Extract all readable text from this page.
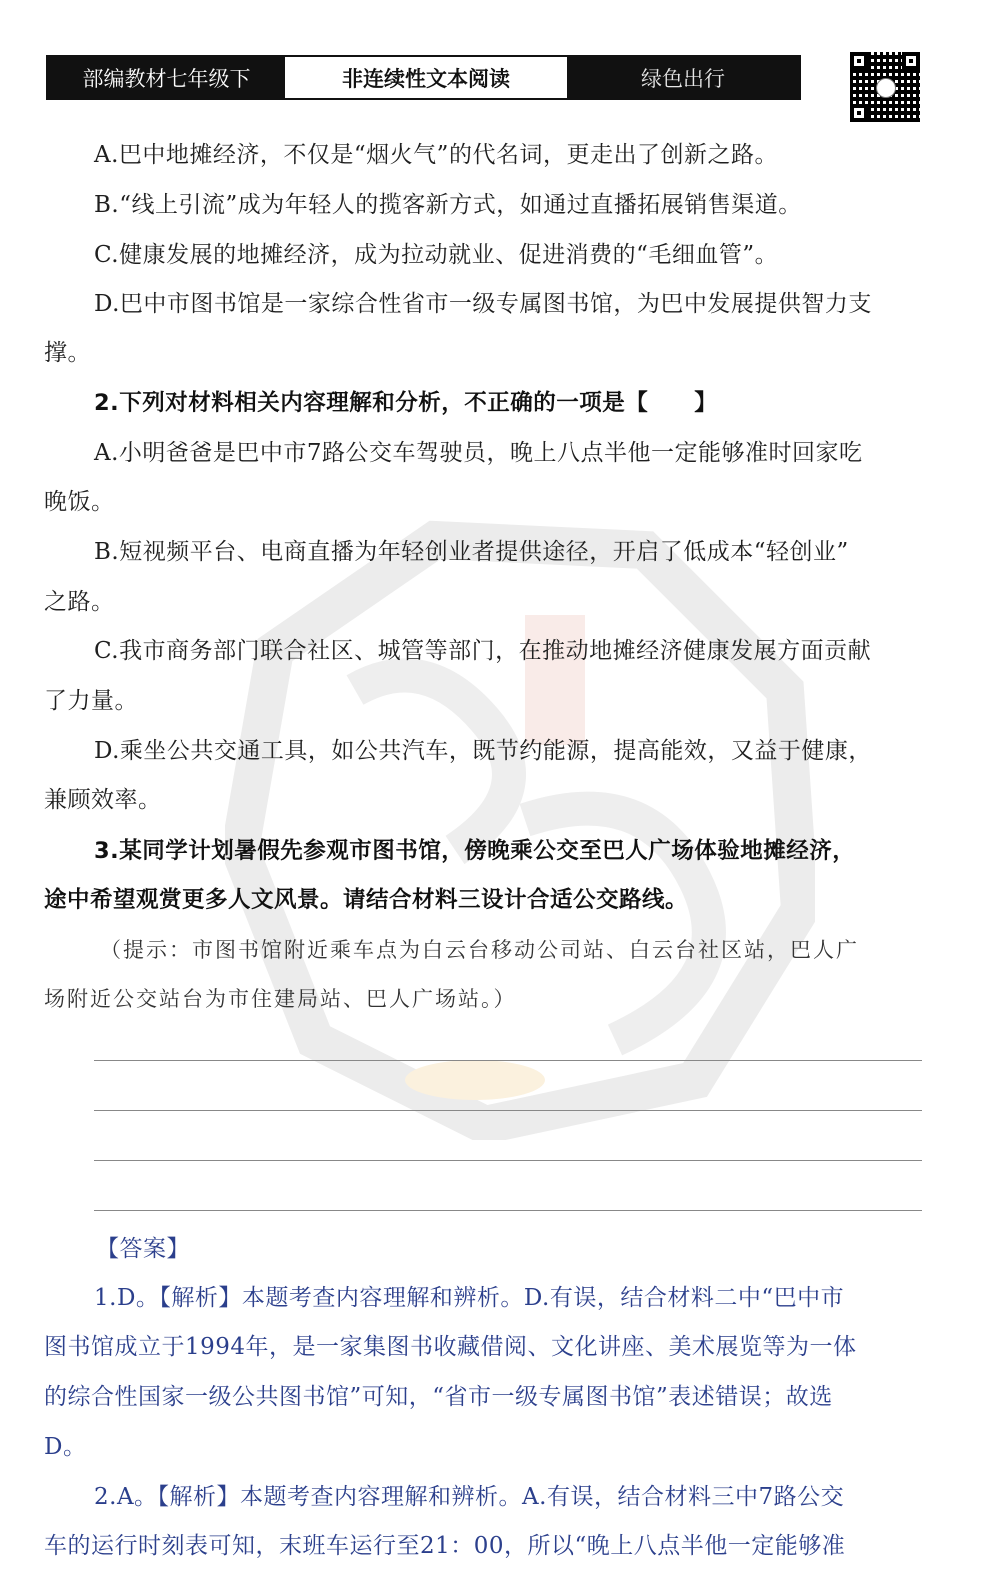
部编教材七年级下	非连续性文本阅读	绿色出行
A.巴中地摊经济，不仅是“烟火气”的代名词，更走出了创新之路。
B.“线上引流”成为年轻人的揽客新方式，如通过直播拓展销售渠道。
C.健康发展的地摊经济，成为拉动就业、促进消费的“毛细血管”。
D.巴中市图书馆是一家综合性省市一级专属图书馆，为巴中发展提供智力支
撑。
2.下列对材料相关内容理解和分析，不正确的一项是【　　】
A.小明爸爸是巴中市7路公交车驾驶员，晚上八点半他一定能够准时回家吃
晚饭。
B.短视频平台、电商直播为年轻创业者提供途径，开启了低成本“轻创业”
之路。
C.我市商务部门联合社区、城管等部门，在推动地摊经济健康发展方面贡献
了力量。
D.乘坐公共交通工具，如公共汽车，既节约能源，提高能效，又益于健康，
兼顾效率。
3.某同学计划暑假先参观市图书馆，傍晚乘公交至巴人广场体验地摊经济，
途中希望观赏更多人文风景。请结合材料三设计合适公交路线。
（提示：市图书馆附近乘车点为白云台移动公司站、白云台社区站，巴人广
场附近公交站台为市住建局站、巴人广场站。）
【答案】
1.D。【解析】本题考查内容理解和辨析。D.有误，结合材料二中“巴中市
图书馆成立于1994年，是一家集图书收藏借阅、文化讲座、美术展览等为一体
的综合性国家一级公共图书馆”可知，“省市一级专属图书馆”表述错误；故选
D。
2.A。【解析】本题考查内容理解和辨析。A.有误，结合材料三中7路公交
车的运行时刻表可知，末班车运行至21：00，所以“晚上八点半他一定能够准
